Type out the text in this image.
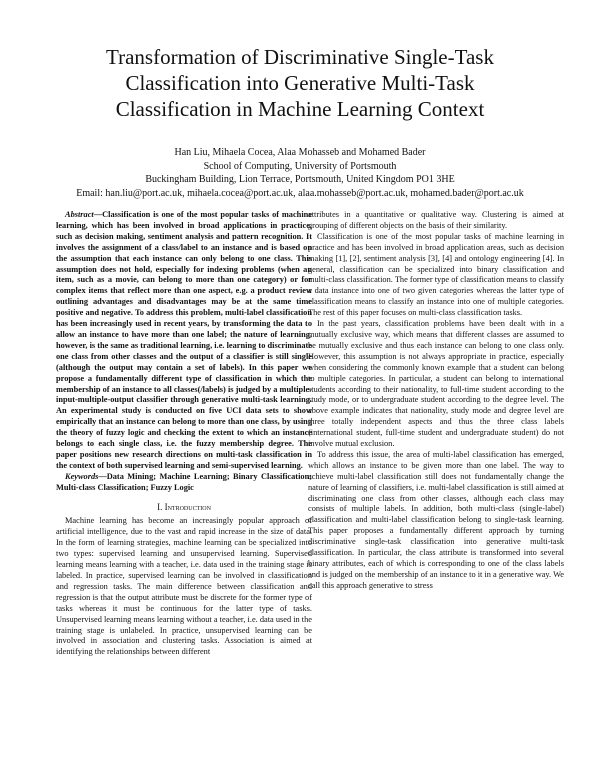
Transformation of Discriminative Single-Task
Classification into Generative Multi-Task
Classification in Machine Learning Context
Han Liu, Mihaela Cocea, Alaa Mohasseb and Mohamed Bader
School of Computing, University of Portsmouth
Buckingham Building, Lion Terrace, Portsmouth, United Kingdom PO1 3HE
Email: han.liu@port.ac.uk, mihaela.cocea@port.ac.uk, alaa.mohasseb@port.ac.uk, mohamed.bader@port.ac.uk

Abstract—Classification is one of the most popular tasks of machine learning, which has been involved in broad applications in practice, such as decision making, sentiment analysis and pattern recognition. It involves the assignment of a class/label to an instance and is based on the assumption that each instance can only belong to one class. This assumption does not hold, especially for indexing problems (when an item, such as a movie, can belong to more than one category) or for complex items that reflect more than one aspect, e.g. a product review outlining advantages and disadvantages may be at the same time positive and negative. To address this problem, multi-label classification has been increasingly used in recent years, by transforming the data to allow an instance to have more than one label; the nature of learning, however, is the same as traditional learning, i.e. learning to discriminate one class from other classes and the output of a classifier is still single (although the output may contain a set of labels). In this paper we propose a fundamentally different type of classification in which the membership of an instance to all classes(/labels) is judged by a multiple-input-multiple-output classifier through generative multi-task learning. An experimental study is conducted on five UCI data sets to show empirically that an instance can belong to more than one class, by using the theory of fuzzy logic and checking the extent to which an instance belongs to each single class, i.e. the fuzzy membership degree. The paper positions new research directions on multi-task classification in the context of both supervised learning and semi-supervised learning.

Keywords—Data Mining; Machine Learning; Binary Classification; Multi-class Classification; Fuzzy Logic

I. Introduction

Machine learning has become an increasingly popular approach of artificial intelligence, due to the vast and rapid increase in the size of data. In the form of learning strategies, machine learning can be specialized into two types: supervised learning and unsupervised learning. Supervised learning means learning with a teacher, i.e. data used in the training stage is labeled. In practice, supervised learning can be involved in classification and regression tasks. The main difference between classification and regression is that the output attribute must be discrete for the former type of tasks whereas it must be continuous for the latter type of tasks. Unsupervised learning means learning without a teacher, i.e. data used in the training stage is unlabeled. In practice, unsupervised learning can be involved in association and clustering tasks. Association is aimed at identifying the relationships between different

attributes in a quantitative or qualitative way. Clustering is aimed at grouping of different objects on the basis of their similarity.

Classification is one of the most popular tasks of machine learning in practice and has been involved in broad application areas, such as decision making [1], [2], sentiment analysis [3], [4] and ontology engineering [4]. In general, classification can be specialized into binary classification and multi-class classification. The former type of classification means to classify a data instance into one of two given categories whereas the latter type of classification means to classify an instance into one of multiple categories. The rest of this paper focuses on multi-class classification tasks.

In the past years, classification problems have been dealt with in a mutually exclusive way, which means that different classes are assumed to be mutually exclusive and thus each instance can belong to one class only. However, this assumption is not always appropriate in practice, especially when considering the commonly known example that a student can belong to multiple categories. In particular, a student can belong to international students according to their nationality, to full-time student according to the study mode, or to undergraduate student according to the degree level. The above example indicates that nationality, study mode and degree level are three totally independent aspects and thus the three class labels (international student, full-time student and undergraduate student) do not involve mutual exclusion.

To address this issue, the area of multi-label classification has emerged, which allows an instance to be given more than one label. The way to achieve multi-label classification still does not fundamentally change the nature of learning of classifiers, i.e. multi-label classification is still aimed at discriminating one class from other classes, although each class may consists of multiple labels. In addition, both multi-class (single-label) classification and multi-label classification belong to single-task learning. This paper proposes a fundamentally different approach by turning discriminative single-task classification into generative multi-task classification. In particular, the class attribute is transformed into several binary attributes, each of which is corresponding to one of the class labels and is judged on the membership of an instance to it in a generative way. We call this approach generative to stress
